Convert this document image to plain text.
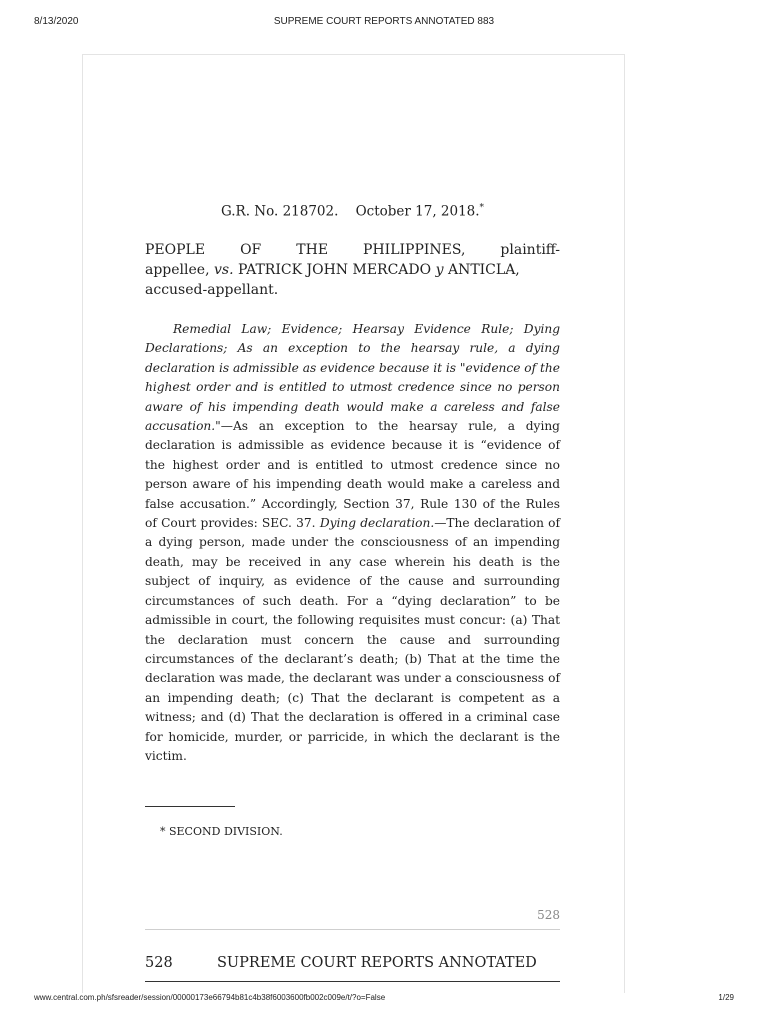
8/13/2020	SUPREME COURT REPORTS ANNOTATED 883
G.R. No. 218702. October 17, 2018.*
PEOPLE	OF	THE	PHILIPPINES,	plaintiff-
appellee, vs. PATRICK JOHN MERCADO y ANTICLA,
accused-appellant.
Remedial Law; Evidence; Hearsay Evidence Rule; Dying Declarations; As an exception to the hearsay rule, a dying declaration is admissible as evidence because it is "evidence of the highest order and is entitled to utmost credence since no person aware of his impending death would make a careless and false accusation."—As an exception to the hearsay rule, a dying declaration is admissible as evidence because it is “evidence of the highest order and is entitled to utmost credence since no person aware of his impending death would make a careless and false accusation.” Accordingly, Section 37, Rule 130 of the Rules of Court provides: SEC. 37. Dying declaration.—The declaration of a dying person, made under the consciousness of an impending death, may be received in any case wherein his death is the subject of inquiry, as evidence of the cause and surrounding circumstances of such death. For a “dying declaration” to be admissible in court, the following requisites must concur: (a) That the declaration must concern the cause and surrounding circumstances of the declarant’s death; (b) That at the time the declaration was made, the declarant was under a consciousness of an impending death; (c) That the declarant is competent as a witness; and (d) That the declaration is offered in a criminal case for homicide, murder, or parricide, in which the declarant is the victim.
* SECOND DIVISION.
528
528	SUPREME COURT REPORTS ANNOTATED
www.central.com.ph/sfsreader/session/00000173e66794b81c4b38f6003600fb002c009e/t/?o=False	1/29
